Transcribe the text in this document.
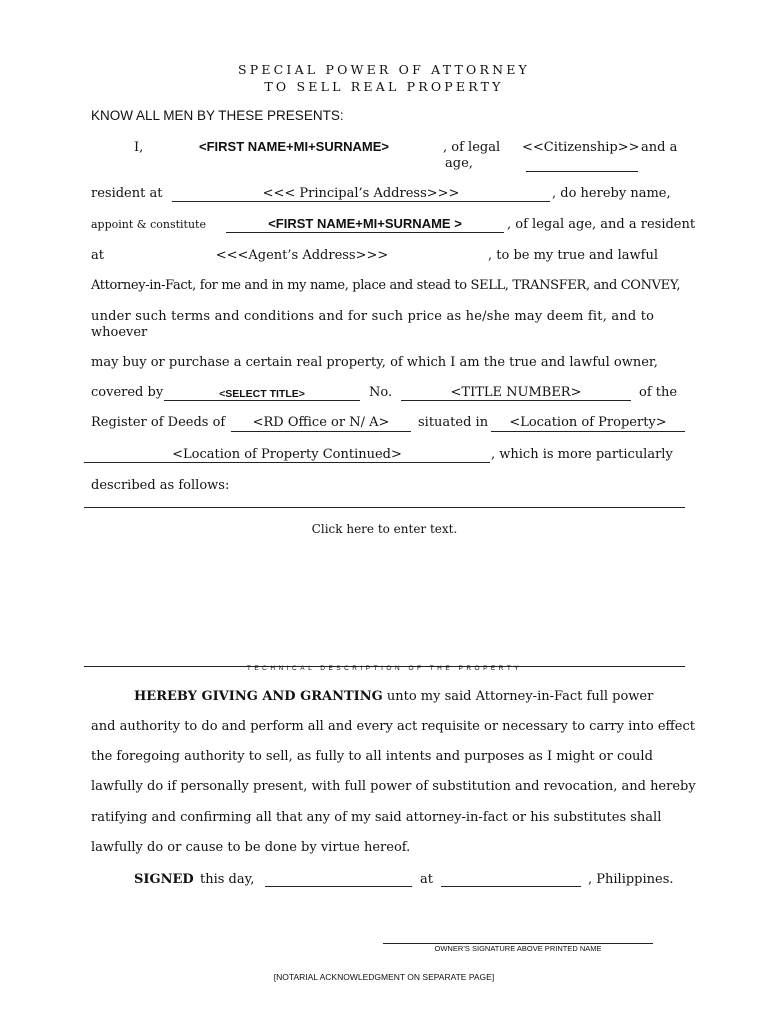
SPECIAL POWER OF ATTORNEY
TO SELL REAL PROPERTY
KNOW ALL MEN BY THESE PRESENTS:
I,	<FIRST NAME+MI+SURNAME>	, of legal
age,
<<Citizenship>> and a
resident at	<<< Principal’s Address>>>	, do hereby name,
appoint & constitute	<FIRST NAME+MI+SURNAME >	, of legal age, and a resident
at	<<<Agent’s Address>>>	, to be my true and lawful
Attorney-in-Fact, for me and in my name, place and stead to SELL, TRANSFER, and CONVEY,
under such terms and conditions and for such price as he/she may deem fit, and to
whoever
may buy or purchase a certain real property, of which I am the true and lawful owner,
covered by	<SELECT TITLE>	No.	<TITLE NUMBER>	of the
Register of Deeds of	<RD Office or N/ A>	situated in	<Location of Property>
<Location of Property Continued>	, which is more particularly
described as follows:
Click here to enter text.
TECHNICAL DESCRIPTION OF THE PROPERTY
HEREBY GIVING AND GRANTING unto my said Attorney-in-Fact full power
and authority to do and perform all and every act requisite or necessary to carry into effect
the foregoing authority to sell, as fully to all intents and purposes as I might or could
lawfully do if personally present, with full power of substitution and revocation, and hereby
ratifying and confirming all that any of my said attorney-in-fact or his substitutes shall
lawfully do or cause to be done by virtue hereof.
SIGNED this day,	at	, Philippines.
OWNER’S SIGNATURE ABOVE PRINTED NAME
[NOTARIAL ACKNOWLEDGMENT ON SEPARATE PAGE]
